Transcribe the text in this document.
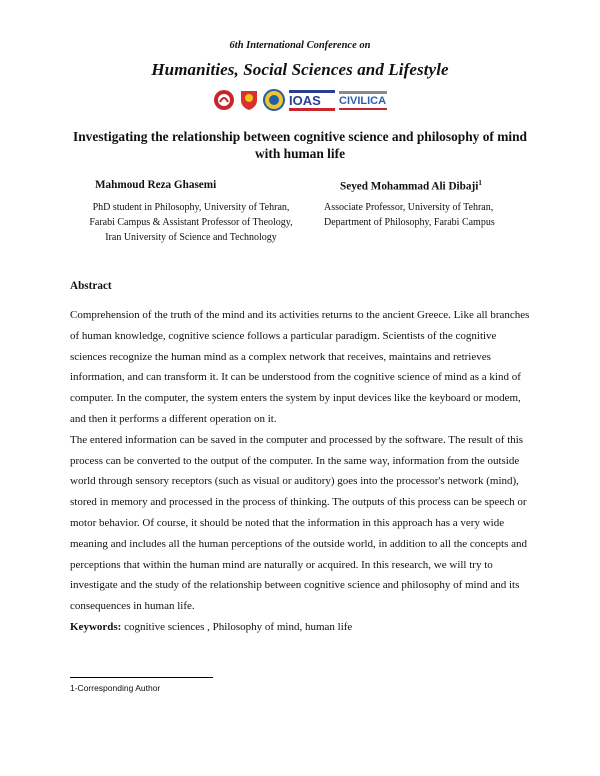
6th International Conference on
Humanities, Social Sciences and Lifestyle
IOAS CIVILICA
Investigating the relationship between cognitive science and philosophy of mind with human life
Mahmoud Reza Ghasemi	Seyed Mohammad Ali Dibaji$^1$
PhD student in Philosophy, University of Tehran,
Farabi Campus & Assistant Professor of Theology,
Iran University of Science and Technology
Associate Professor, University of Tehran,
Department of Philosophy, Farabi Campus
Abstract

Comprehension of the truth of the mind and its activities returns to the ancient Greece. Like all branches of human knowledge, cognitive science follows a particular paradigm. Scientists of the cognitive sciences recognize the human mind as a complex network that receives, maintains and retrieves information, and can transform it. It can be understood from the cognitive science of mind as a kind of computer. In the computer, the system enters the system by input devices like the keyboard or modem, and then it performs a different operation on it.

The entered information can be saved in the computer and processed by the software. The result of this process can be converted to the output of the computer. In the same way, information from the outside world through sensory receptors (such as visual or auditory) goes into the processor's network (mind), stored in memory and processed in the process of thinking. The outputs of this process can be speech or motor behavior. Of course, it should be noted that the information in this approach has a very wide meaning and includes all the human perceptions of the outside world, in addition to all the concepts and perceptions that within the human mind are naturally or acquired. In this research, we will try to investigate and the study of the relationship between cognitive science and philosophy of mind and its consequences in human life.

Keywords: cognitive sciences , Philosophy of mind, human life

1-Corresponding Author
